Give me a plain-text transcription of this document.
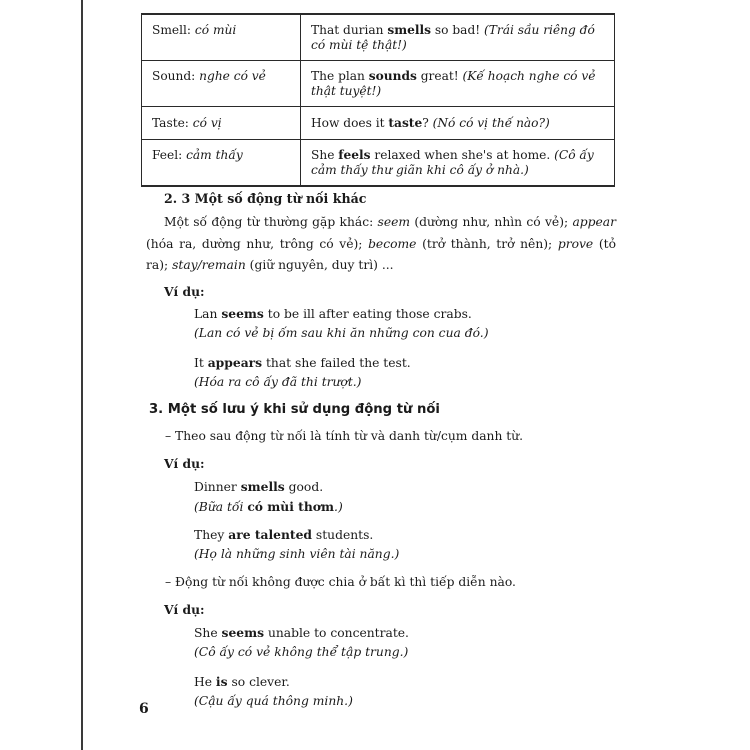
Smell: có mùi	That durian smells so bad! (Trái sầu riêng đó có mùi tệ thật!)
Sound: nghe có vẻ	The plan sounds great! (Kế hoạch nghe có vẻ thật tuyệt!)
Taste: có vị	How does it taste? (Nó có vị thế nào?)
Feel: cảm thấy	She feels relaxed when she's at home. (Cô ấy cảm thấy thư giãn khi cô ấy ở nhà.)
2. 3 Một số động từ nối khác
Một số động từ thường gặp khác: seem (dường như, nhìn có vẻ); appear (hóa ra, dường như, trông có vẻ); become (trở thành, trở nên); prove (tỏ ra); stay/remain (giữ nguyên, duy trì) ...
Ví dụ:
Lan seems to be ill after eating those crabs.
(Lan có vẻ bị ốm sau khi ăn những con cua đó.)
It appears that she failed the test.
(Hóa ra cô ấy đã thi trượt.)
3. Một số lưu ý khi sử dụng động từ nối
– Theo sau động từ nối là tính từ và danh từ/cụm danh từ.
Ví dụ:
Dinner smells good.
(Bữa tối có mùi thơm.)
They are talented students.
(Họ là những sinh viên tài năng.)
– Động từ nối không được chia ở bất kì thì tiếp diễn nào.
Ví dụ:
She seems unable to concentrate.
(Cô ấy có vẻ không thể tập trung.)
He is so clever.
(Cậu ấy quá thông minh.)
6
